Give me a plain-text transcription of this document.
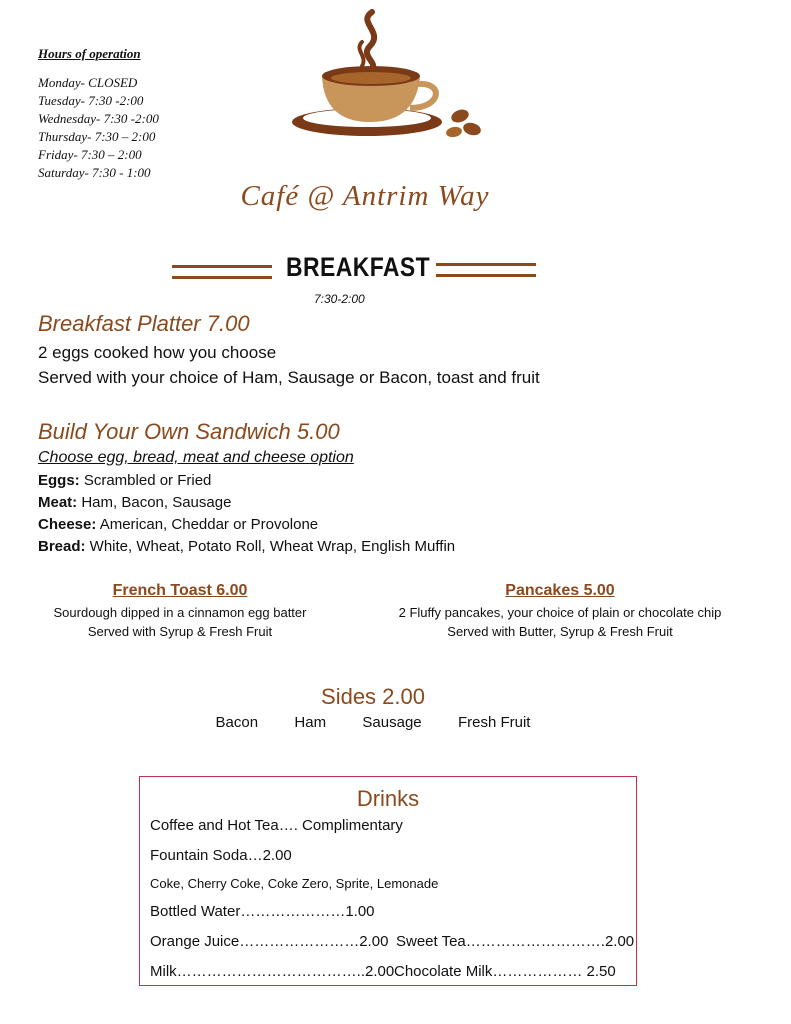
Hours of operation
Monday- CLOSED
Tuesday- 7:30 -2:00
Wednesday- 7:30 -2:00
Thursday- 7:30 – 2:00
Friday- 7:30 – 2:00
Saturday- 7:30 - 1:00
Café @ Antrim Way
BREAKFAST
7:30-2:00
Breakfast Platter 7.00
2 eggs cooked how you choose
Served with your choice of Ham, Sausage or Bacon, toast and fruit
Build Your Own Sandwich 5.00
Choose egg, bread, meat and cheese option
Eggs: Scrambled or Fried
Meat: Ham, Bacon, Sausage
Cheese: American, Cheddar or Provolone
Bread: White, Wheat, Potato Roll, Wheat Wrap, English Muffin
French Toast 6.00
Sourdough dipped in a cinnamon egg batter
Served with Syrup & Fresh Fruit
Pancakes 5.00
2 Fluffy pancakes, your choice of plain or chocolate chip
Served with Butter, Syrup & Fresh Fruit
Sides 2.00
Bacon Ham Sausage Fresh Fruit
Drinks
Coffee and Hot Tea…. Complimentary
Fountain Soda…2.00
Coke, Cherry Coke, Coke Zero, Sprite, Lemonade
Bottled Water…………………1.00
Orange Juice……………………2.00 Sweet Tea……………………….2.00
Milk………………………………..2.00 Chocolate Milk……………… 2.50
